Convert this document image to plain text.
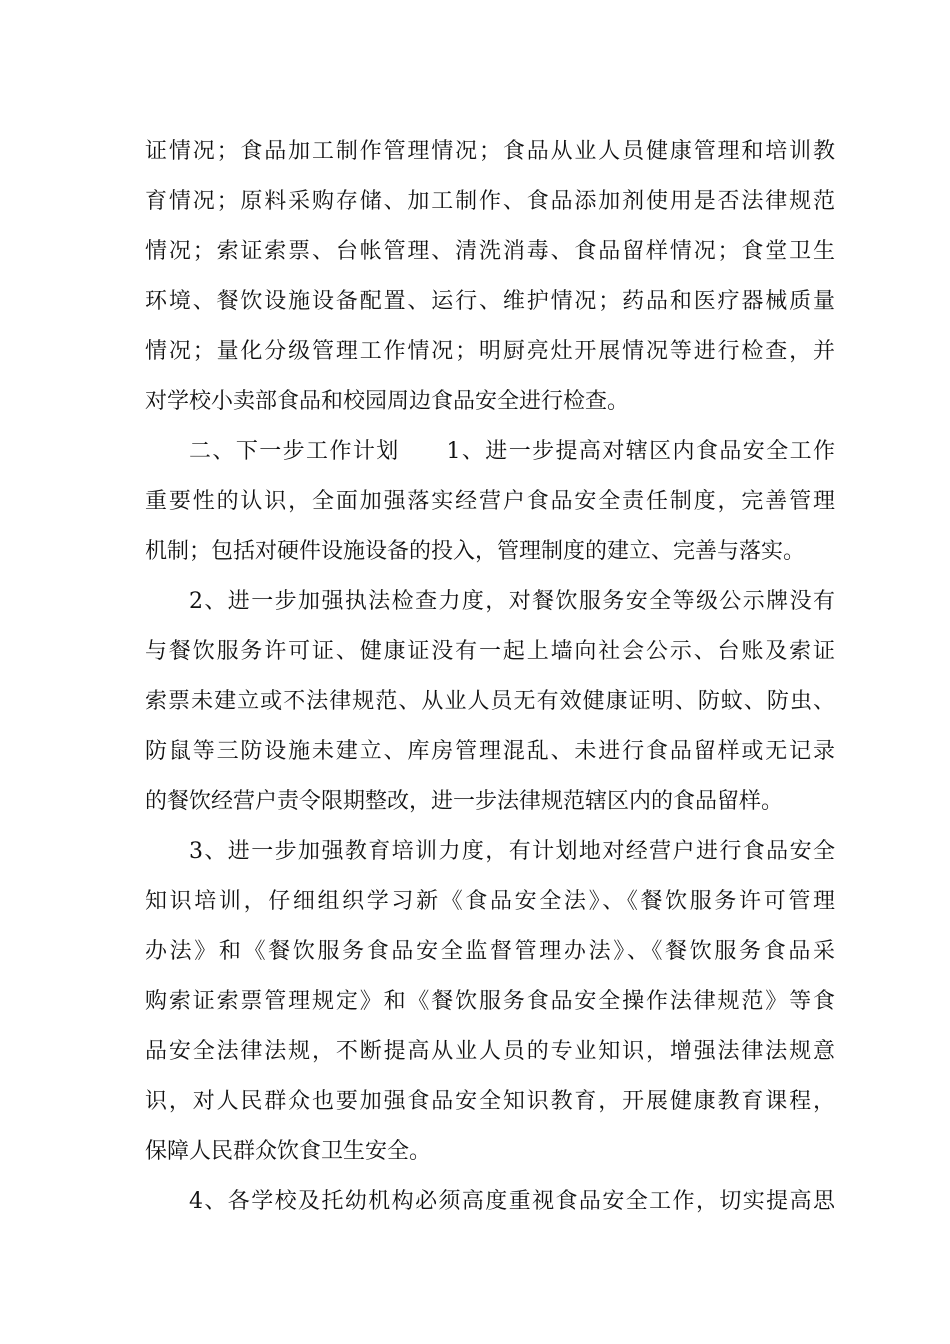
证情况；食品加工制作管理情况；食品从业人员健康管理和培训教
育情况；原料采购存储、加工制作、食品添加剂使用是否法律规范
情况；索证索票、台帐管理、清洗消毒、食品留样情况；食堂卫生
环境、餐饮设施设备配置、运行、维护情况；药品和医疗器械质量
情况；量化分级管理工作情况；明厨亮灶开展情况等进行检查，并
对学校小卖部食品和校园周边食品安全进行检查。
二、下一步工作计划　　1、进一步提高对辖区内食品安全工作
重要性的认识，全面加强落实经营户食品安全责任制度，完善管理
机制；包括对硬件设施设备的投入，管理制度的建立、完善与落实。
2、进一步加强执法检查力度，对餐饮服务安全等级公示牌没有
与餐饮服务许可证、健康证没有一起上墙向社会公示、台账及索证
索票未建立或不法律规范、从业人员无有效健康证明、防蚊、防虫、
防鼠等三防设施未建立、库房管理混乱、未进行食品留样或无记录
的餐饮经营户责令限期整改，进一步法律规范辖区内的食品留样。
3、进一步加强教育培训力度，有计划地对经营户进行食品安全
知识培训，仔细组织学习新《食品安全法》、《餐饮服务许可管理
办法》和《餐饮服务食品安全监督管理办法》、《餐饮服务食品采
购索证索票管理规定》和《餐饮服务食品安全操作法律规范》等食
品安全法律法规，不断提高从业人员的专业知识，增强法律法规意
识，对人民群众也要加强食品安全知识教育，开展健康教育课程，
保障人民群众饮食卫生安全。
4、各学校及托幼机构必须高度重视食品安全工作，切实提高思
